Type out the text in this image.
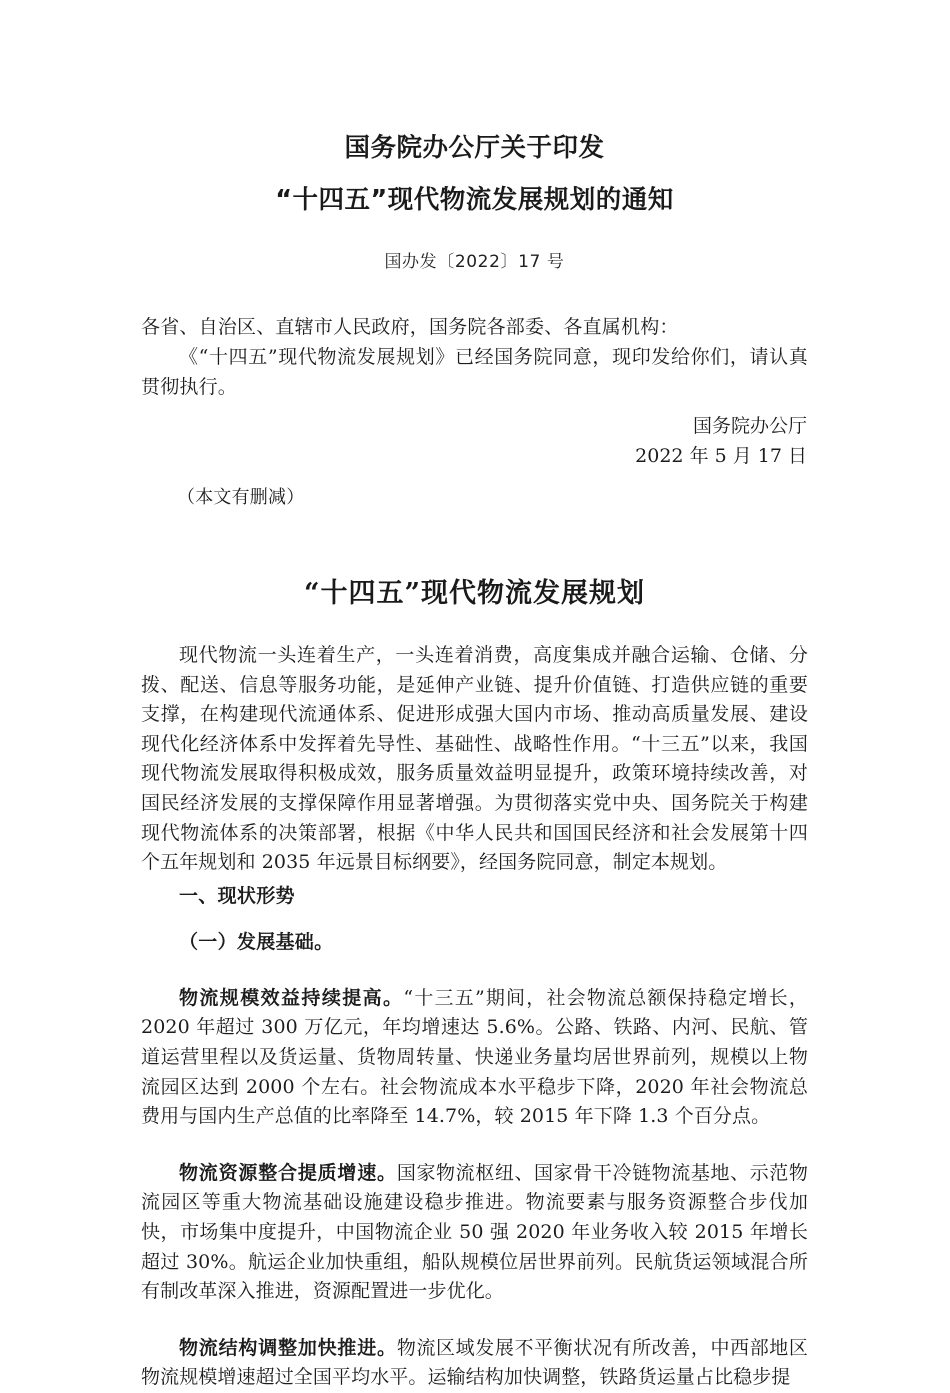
国务院办公厅关于印发
“十四五”现代物流发展规划的通知
国办发〔2022〕17 号
各省、自治区、直辖市人民政府，国务院各部委、各直属机构：
《“十四五”现代物流发展规划》已经国务院同意，现印发给你们，请认真贯彻执行。
国务院办公厅
2022 年 5 月 17 日
（本文有删减）
“十四五”现代物流发展规划
现代物流一头连着生产，一头连着消费，高度集成并融合运输、仓储、分拨、配送、信息等服务功能，是延伸产业链、提升价值链、打造供应链的重要支撑，在构建现代流通体系、促进形成强大国内市场、推动高质量发展、建设现代化经济体系中发挥着先导性、基础性、战略性作用。“十三五”以来，我国现代物流发展取得积极成效，服务质量效益明显提升，政策环境持续改善，对国民经济发展的支撑保障作用显著增强。为贯彻落实党中央、国务院关于构建现代物流体系的决策部署，根据《中华人民共和国国民经济和社会发展第十四个五年规划和 2035 年远景目标纲要》，经国务院同意，制定本规划。
一、现状形势
（一）发展基础。
物流规模效益持续提高。“十三五”期间，社会物流总额保持稳定增长，2020 年超过 300 万亿元，年均增速达 5.6%。公路、铁路、内河、民航、管道运营里程以及货运量、货物周转量、快递业务量均居世界前列，规模以上物流园区达到 2000 个左右。社会物流成本水平稳步下降，2020 年社会物流总费用与国内生产总值的比率降至 14.7%，较 2015 年下降 1.3 个百分点。
物流资源整合提质增速。国家物流枢纽、国家骨干冷链物流基地、示范物流园区等重大物流基础设施建设稳步推进。物流要素与服务资源整合步伐加快，市场集中度提升，中国物流企业 50 强 2020 年业务收入较 2015 年增长超过 30%。航运企业加快重组，船队规模位居世界前列。民航货运领域混合所有制改革深入推进，资源配置进一步优化。
物流结构调整加快推进。物流区域发展不平衡状况有所改善，中西部地区物流规模增速超过全国平均水平。运输结构加快调整，铁路货运量占比稳步提
